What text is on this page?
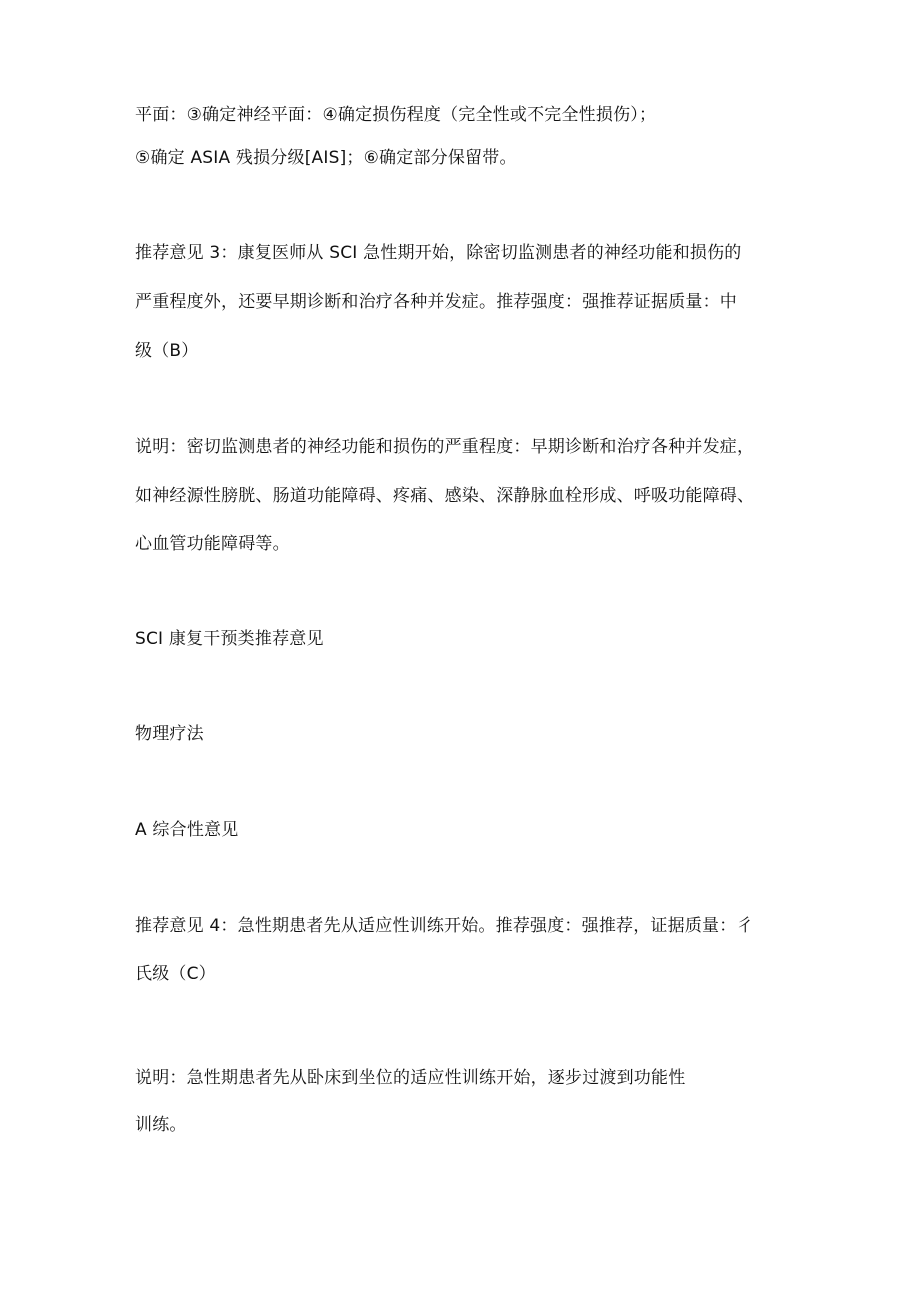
平面：③确定神经平面：④确定损伤程度（完全性或不完全性损伤）；
⑤确定 ASIA 残损分级[AIS]；⑥确定部分保留带。
推荐意见 3：康复医师从 SCI 急性期开始，除密切监测患者的神经功能和损伤的
严重程度外，还要早期诊断和治疗各种并发症。推荐强度：强推荐证据质量：中
级（B）
说明：密切监测患者的神经功能和损伤的严重程度：早期诊断和治疗各种并发症，
如神经源性膀胱、肠道功能障碍、疼痛、感染、深静脉血栓形成、呼吸功能障碍、
心血管功能障碍等。
SCI 康复干预类推荐意见
物理疗法
A 综合性意见
推荐意见 4：急性期患者先从适应性训练开始。推荐强度：强推荐，证据质量：彳
氏级（C）
说明：急性期患者先从卧床到坐位的适应性训练开始，逐步过渡到功能性
训练。
